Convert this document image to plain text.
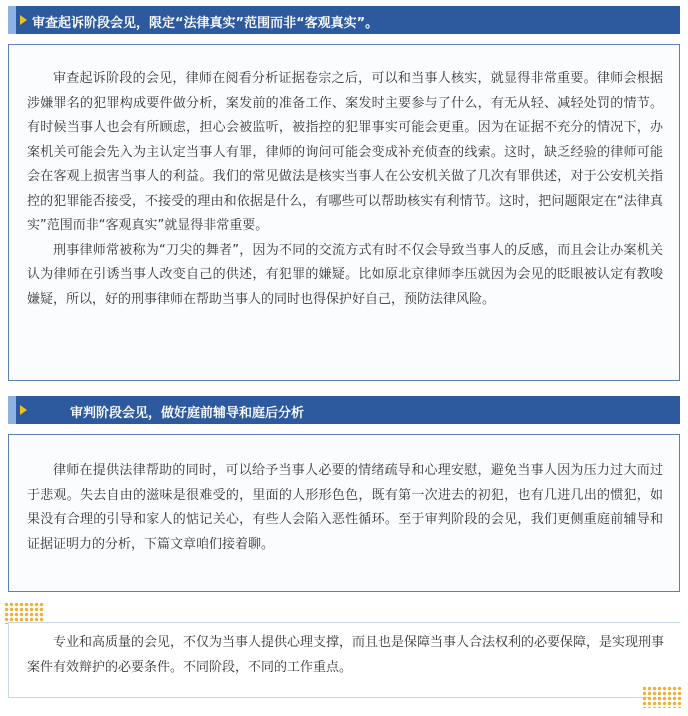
审查起诉阶段会见，限定“法律真实”范围而非“客观真实”。

审查起诉阶段的会见，律师在阅看分析证据卷宗之后，可以和当事人核实，就显得非常重要。律师会根据涉嫌罪名的犯罪构成要件做分析，案发前的准备工作、案发时主要参与了什么，有无从轻、减轻处罚的情节。有时候当事人也会有所顾虑，担心会被监听，被指控的犯罪事实可能会更重。因为在证据不充分的情况下，办案机关可能会先入为主认定当事人有罪，律师的询问可能会变成补充侦查的线索。这时，缺乏经验的律师可能会在客观上损害当事人的利益。我们的常见做法是核实当事人在公安机关做了几次有罪供述，对于公安机关指控的犯罪能否接受，不接受的理由和依据是什么，有哪些可以帮助核实有利情节。这时，把问题限定在“法律真实”范围而非“客观真实”就显得非常重要。

刑事律师常被称为“刀尖的舞者”，因为不同的交流方式有时不仅会导致当事人的反感，而且会让办案机关认为律师在引诱当事人改变自己的供述，有犯罪的嫌疑。比如原北京律师李压就因为会见的眨眼被认定有教唆嫌疑，所以，好的刑事律师在帮助当事人的同时也得保护好自己，预防法律风险。

审判阶段会见，做好庭前辅导和庭后分析

律师在提供法律帮助的同时，可以给予当事人必要的情绪疏导和心理安慰，避免当事人因为压力过大而过于悲观。失去自由的滋味是很难受的，里面的人形形色色，既有第一次进去的初犯，也有几进几出的惯犯，如果没有合理的引导和家人的惦记关心，有些人会陷入恶性循环。至于审判阶段的会见，我们更侧重庭前辅导和证据证明力的分析，下篇文章咱们接着聊。

专业和高质量的会见，不仅为当事人提供心理支撑，而且也是保障当事人合法权利的必要保障，是实现刑事案件有效辩护的必要条件。不同阶段，不同的工作重点。
